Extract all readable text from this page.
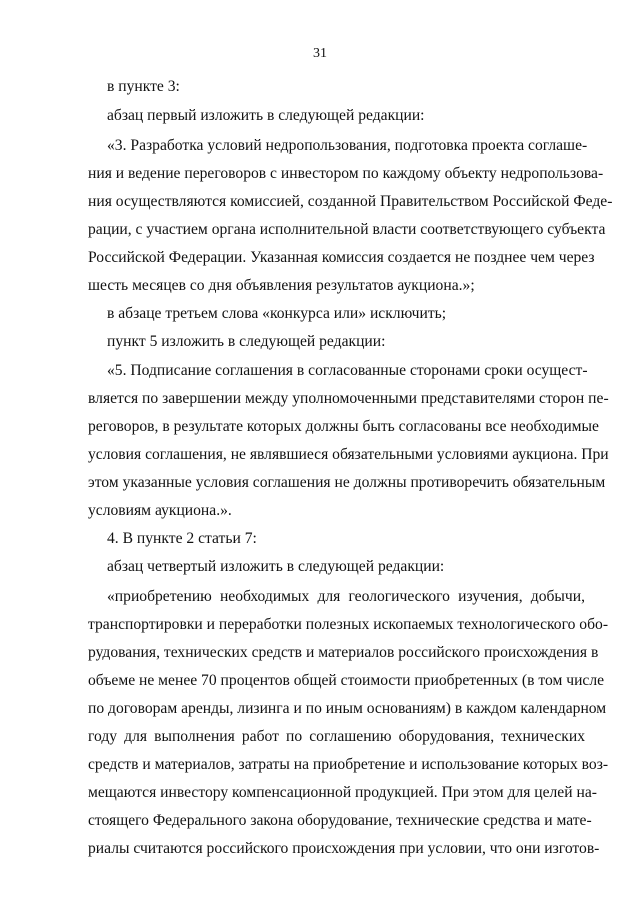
31
в пункте 3:
абзац первый изложить в следующей редакции:
«3. Разработка условий недропользования, подготовка проекта соглаше-
ния и ведение переговоров с инвестором по каждому объекту недропользова-
ния осуществляются комиссией, созданной Правительством Российской Феде-
рации, с участием органа исполнительной власти соответствующего субъекта
Российской Федерации. Указанная комиссия создается не позднее чем через
шесть месяцев со дня объявления результатов аукциона.»;
в абзаце третьем слова «конкурса или» исключить;
пункт 5 изложить в следующей редакции:
«5. Подписание соглашения в согласованные сторонами сроки осущест-
вляется по завершении между уполномоченными представителями сторон пе-
реговоров, в результате которых должны быть согласованы все необходимые
условия соглашения, не являвшиеся обязательными условиями аукциона. При
этом указанные условия соглашения не должны противоречить обязательным
условиям аукциона.».
4. В пункте 2 статьи 7:
абзац четвертый изложить в следующей редакции:
«приобретению необходимых для геологического изучения, добычи,
транспортировки и переработки полезных ископаемых технологического обо-
рудования, технических средств и материалов российского происхождения в
объеме не менее 70 процентов общей стоимости приобретенных (в том числе
по договорам аренды, лизинга и по иным основаниям) в каждом календарном
году для выполнения работ по соглашению оборудования, технических
средств и материалов, затраты на приобретение и использование которых воз-
мещаются инвестору компенсационной продукцией. При этом для целей на-
стоящего Федерального закона оборудование, технические средства и мате-
риалы считаются российского происхождения при условии, что они изготов-
